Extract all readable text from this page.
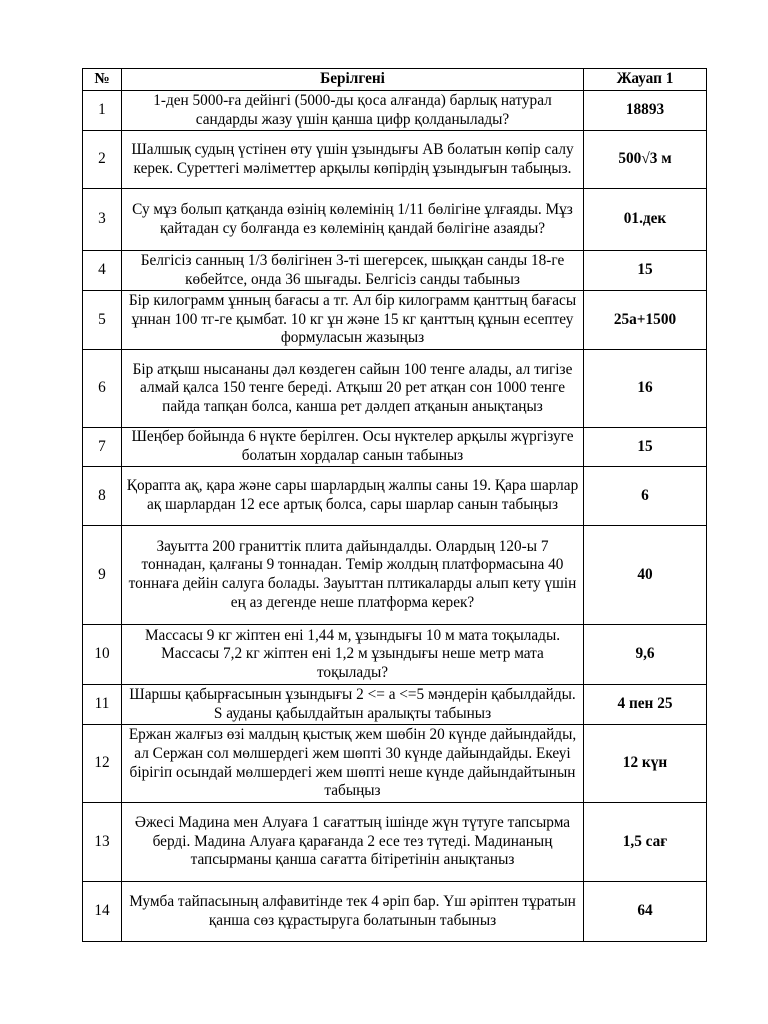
№	Берілгені	Жауап 1
1	1-ден 5000-ға дейінгі (5000-ды қоса алғанда) барлық натурал сандарды жазу үшін қанша цифр қолданылады?	18893
2	Шалшық судың үстінен өту үшін ұзындығы АВ болатын көпір салу керек. Суреттегі мәліметтер арқылы көпірдің ұзындығын табыңыз.	500√3 м
3	Су мұз болып қатқанда өзінің көлемінің 1/11 бөлігіне ұлғаяды. Мұз қайтадан су болғанда ез көлемінің қандай бөлігіне азаяды?	01.дек
4	Белгісіз санның 1/3 бөлігінен 3-ті шегерсек, шыққан санды 18-ге көбейтсе, онда 36 шығады. Белгісіз санды табыныз	15
5	Бір килограмм ұнның бағасы а тг. Ал бір килограмм қанттың бағасы ұннан 100 тг-ге қымбат. 10 кг ұн және 15 кг қанттың құнын есептеу формуласын жазыңыз	25а+1500
6	Бір атқыш нысананы дәл көздеген сайын 100 тенге алады, ал тигізе алмай қалса 150 тенге береді. Атқыш 20 рет атқан сон 1000 тенге пайда тапқан болса, канша рет дәлдеп атқанын анықтаңыз	16
7	Шеңбер бойында 6 нүкте берілген. Осы нүктелер арқылы жүргізуге болатын хордалар санын табыныз	15
8	Қорапта ақ, қара және сары шарлардың жалпы саны 19. Қара шарлар ақ шарлардан 12 есе артық болса, сары шарлар санын табыңыз	6
9	Зауытта 200 граниттік плита дайындалды. Олардың 120-ы 7 тоннадан, қалғаны 9 тоннадан. Темір жолдың платформасына 40 тоннаға дейін салуга болады. Зауыттан плтикаларды алып кету үшін ең аз дегенде неше платформа керек?	40
10	Массасы 9 кг жіптен ені 1,44 м, ұзындығы 10 м мата тоқылады. Массасы 7,2 кг жіптен ені 1,2 м ұзындығы неше метр мата тоқылады?	9,6
11	Шаршы қабырғасынын ұзындығы 2 <= а <=5 мәндерін қабылдайды. S ауданы қабылдайтын аралықты табыныз	4 пен 25
12	Ержан жалғыз өзі малдың қыстық жем шөбін 20 күнде дайындайды, ал Сержан сол мөлшердегі жем шөпті 30 күнде дайындайды. Екеуі бірігіп осындай мөлшердегі жем шөпті неше күнде дайындайтынын табыңыз	12 күн
13	Әжесі Мадина мен Алуаға 1 сағаттың ішінде жүн түтуге тапсырма берді. Мадина Алуаға қарағанда 2 есе тез түтеді. Мадинаның тапсырманы қанша сағатта бітіретінін анықтаныз	1,5 сағ
14	Мумба тайпасының алфавитінде тек 4 әріп бар. Үш әріптен тұратын қанша сөз құрастыруга болатынын табыныз	64
